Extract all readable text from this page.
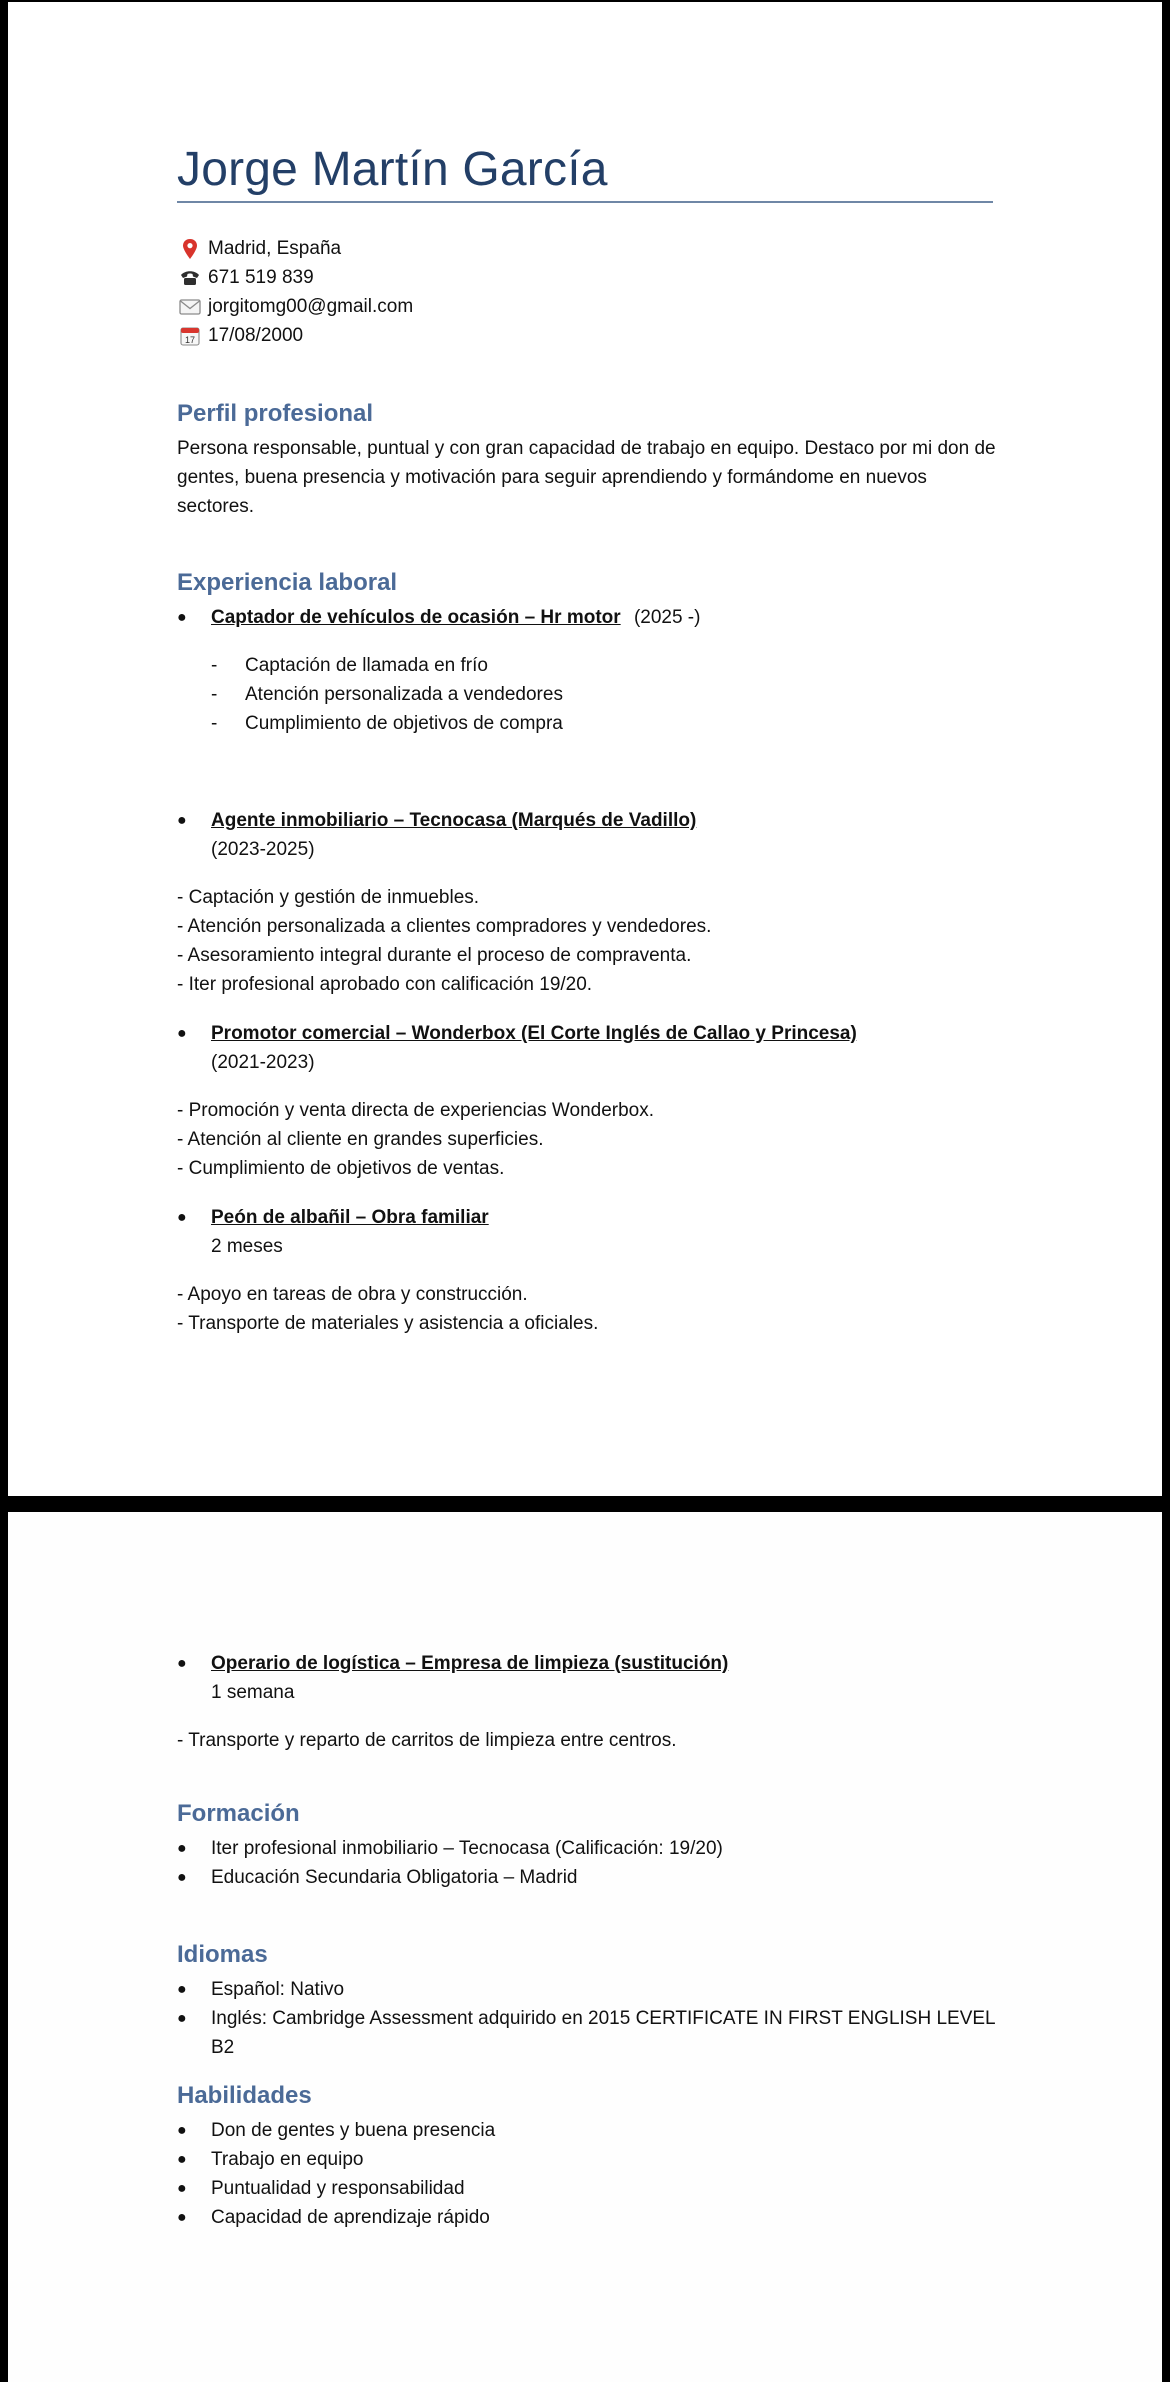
Jorge Martín García
Madrid, España
671 519 839
jorgitomg00@gmail.com
17 17/08/2000
Perfil profesional

Persona responsable, puntual y con gran capacidad de trabajo en equipo. Destaco por mi don de gentes, buena presencia y motivación para seguir aprendiendo y formándome en nuevos sectores.

Experiencia laboral
●	Captador de vehículos de ocasión – Hr motor (2025 -)
-	Captación de llamada en frío
-	Atención personalizada a vendedores
-	Cumplimiento de objetivos de compra
●	Agente inmobiliario – Tecnocasa (Marqués de Vadillo)
(2023-2025)
- Captación y gestión de inmuebles.
- Atención personalizada a clientes compradores y vendedores.
- Asesoramiento integral durante el proceso de compraventa.
- Iter profesional aprobado con calificación 19/20.
●	Promotor comercial – Wonderbox (El Corte Inglés de Callao y Princesa)
(2021-2023)
- Promoción y venta directa de experiencias Wonderbox.
- Atención al cliente en grandes superficies.
- Cumplimiento de objetivos de ventas.
●	Peón de albañil – Obra familiar
2 meses
- Apoyo en tareas de obra y construcción.
- Transporte de materiales y asistencia a oficiales.
●	Operario de logística – Empresa de limpieza (sustitución)
1 semana
- Transporte y reparto de carritos de limpieza entre centros.
Formación
●	Iter profesional inmobiliario – Tecnocasa (Calificación: 19/20)
●	Educación Secundaria Obligatoria – Madrid
Idiomas
●	Español: Nativo
●	Inglés: Cambridge Assessment adquirido en 2015 CERTIFICATE IN FIRST ENGLISH LEVEL B2
Habilidades
●	Don de gentes y buena presencia
●	Trabajo en equipo
●	Puntualidad y responsabilidad
●	Capacidad de aprendizaje rápido
